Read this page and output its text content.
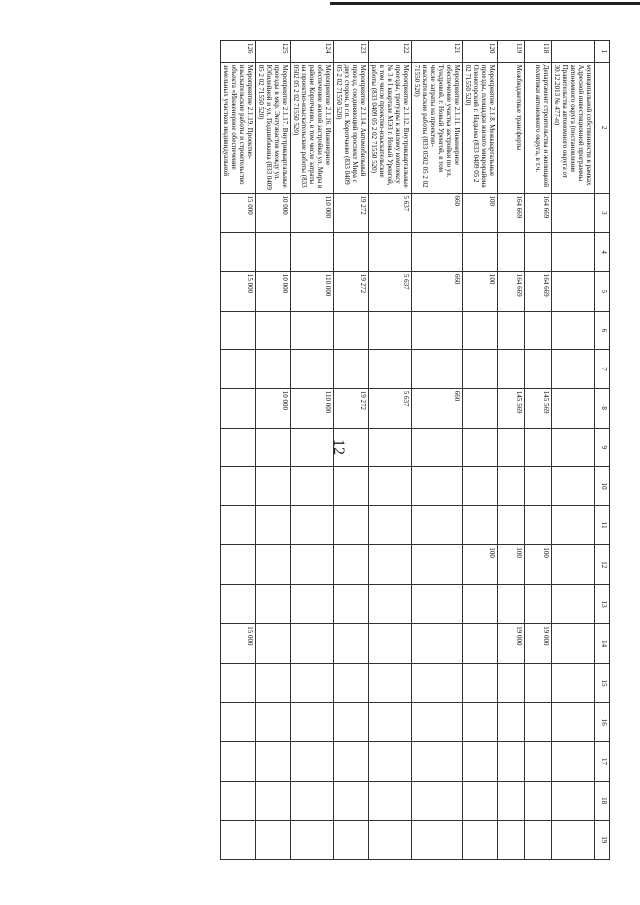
12
1	2	3	4	5	6	7	8	9	10	11	12	13	14	15	16	17	18	19
	муниципальной собственности в рамках Адресной инвестиционной программы автономного округа (постановление Правительства автономного округа от 30.12.2013 № 477-п)																	
118	Департамент строительства и жилищной политики автономного округа, в т.ч.	164 669		164 669			145 569				100		19 000					
119	Межбюджетные трансферты	164 669		164 669			145 569				100		19 000					
120	Мероприятие 2.1.8. Межквартальные проезды, площадки жилого микрорайона Оленегорский г. Надыма (833 0409 05 2 02 71550 520)	100		100							100							
121	Мероприятие 2.1.11. Инженерное обеспечение участка застройки по ул. Тундровой, г. Новый Уренгой, в том числе затраты на проектно-изыскательские работы (833 0502 05 2 02 71550 520)	660		660			660											
122	Мероприятие 2.1.12. Внутриквартальные проезды, тротуары к жилому комплексу № 3 в I квартале МЭЗ г. Новый Уренгой, в том числе проектно-изыскательские работы (833 0409 05 2 02 71550 520)	5 637		5 637			5 637											
123	Мероприятие 2.1.14. Автомобильный проезд, соединяющий проспект Мира с двух сторон, в г.п. Коротчаево (833 0409 05 2 02 71550 520)	19 272		19 272			19 272											
124	Мероприятие 2.1.16. Инженерное обеспечение жилой застройки ул. Мира в районе Коротчаево, в том числе затраты на проектно-изыскательские работы (833 0502 05 2 02 71550 520)	110 000		110 000			110 000											
125	Мероприятие 2.1.17. Внутриквартальные проезды в мкр. Энтузиастов между ул. Юбилейной и ул. Подшибякина (833 0409 05 2 02 71550 520)	10 000		10 000			10 000											
126	Мероприятие 2.1.19. Проектно-изыскательские работы и строительство объекта «Инженерное обеспечение земельных участков индивидуальной	15 000		15 000									15 000					
